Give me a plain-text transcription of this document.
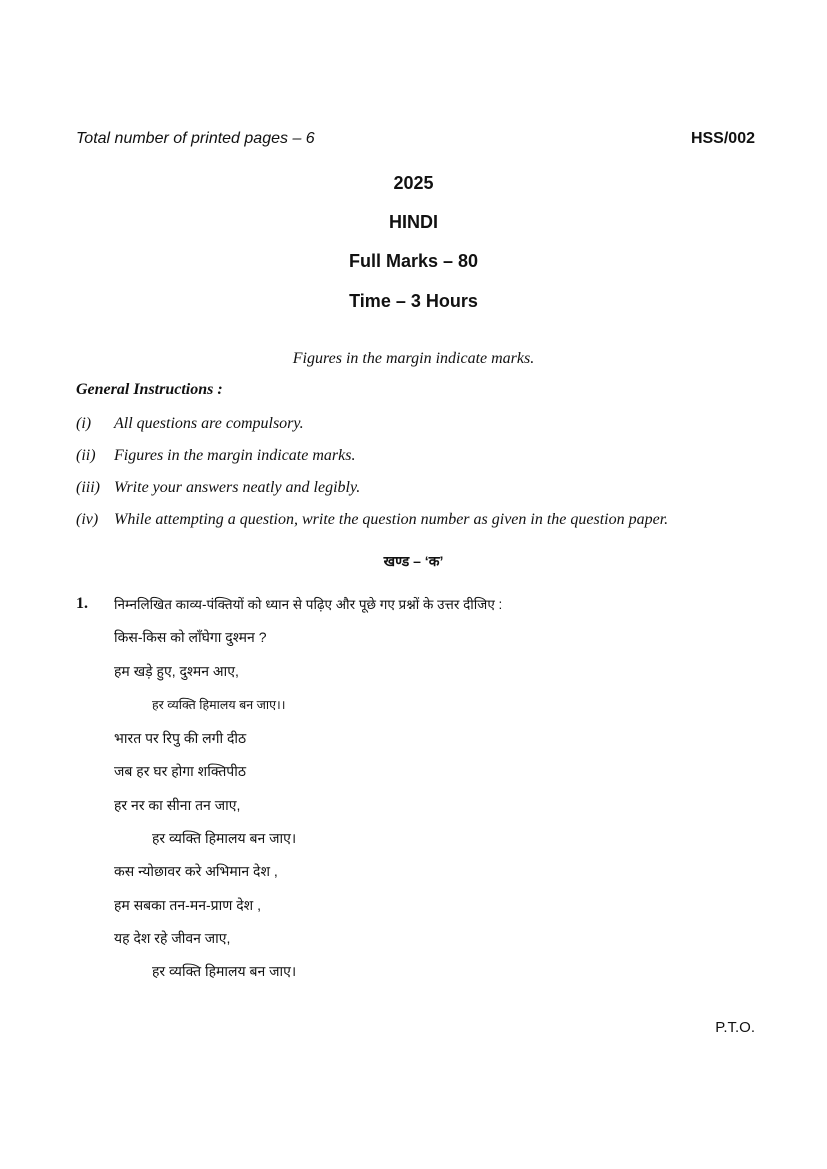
Total number of printed pages – 6	HSS/002
2025
HINDI
Full Marks – 80
Time – 3 Hours
Figures in the margin indicate marks.
General Instructions :
(i) All questions are compulsory.
(ii) Figures in the margin indicate marks.
(iii) Write your answers neatly and legibly.
(iv) While attempting a question, write the question number as given in the question paper.
खण्ड – ‘क’
1. निम्नलिखित काव्य-पंक्तियों को ध्यान से पढ़िए और पूछे गए प्रश्नों के उत्तर दीजिए :
किस-किस को लाँघेगा दुश्मन ?
हम खड़े हुए, दुश्मन आए,
हर व्यक्ति हिमालय बन जाए।।
भारत पर रिपु की लगी दीठ
जब हर घर होगा शक्तिपीठ
हर नर का सीना तन जाए,
हर व्यक्ति हिमालय बन जाए।
कस न्योछावर करे अभिमान देश ,
हम सबका तन-मन-प्राण देश ,
यह देश रहे जीवन जाए,
हर व्यक्ति हिमालय बन जाए।
P.T.O.
